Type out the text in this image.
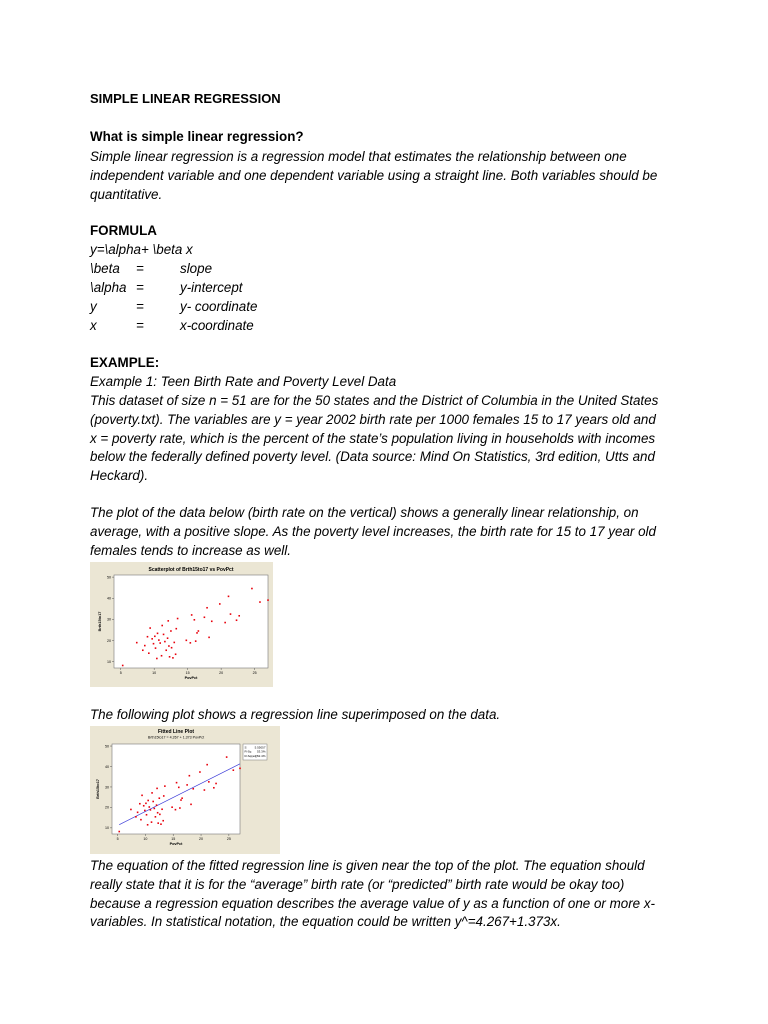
SIMPLE LINEAR REGRESSION
What is simple linear regression?
Simple linear regression is a regression model that estimates the relationship between one
independent variable and one dependent variable using a straight line. Both variables should be
quantitative.
FORMULA
y=\alpha+ \beta x
\beta =	slope
\alpha =	y-intercept
y	=	y- coordinate
x	=	x-coordinate
EXAMPLE:
Example 1: Teen Birth Rate and Poverty Level Data
This dataset of size n = 51 are for the 50 states and the District of Columbia in the United States
(poverty.txt). The variables are y = year 2002 birth rate per 1000 females 15 to 17 years old and
x = poverty rate, which is the percent of the state’s population living in households with incomes
below the federally defined poverty level. (Data source: Mind On Statistics, 3rd edition, Utts and
Heckard).
The plot of the data below (birth rate on the vertical) shows a generally linear relationship, on
average, with a positive slope. As the poverty level increases, the birth rate for 15 to 17 year old
females tends to increase as well.
Scatterplot of Brth15to17 vs PovPct
5	10	15	20	25
10
20
30
40
50
PovPct
Brth15to17
The following plot shows a regression line superimposed on the data.
Fitted Line Plot
Brth15to17 = 4.267 + 1.373 PovPct
5	10	15	20	25
10
20
30
40
50
PovPct
Brth15to17
S	5.55057
R-Sq 53.3%
R-Sq(adj) 52.4%
The equation of the fitted regression line is given near the top of the plot. The equation should
really state that it is for the “average” birth rate (or “predicted” birth rate would be okay too)
because a regression equation describes the average value of y as a function of one or more x-
variables. In statistical notation, the equation could be written y^=4.267+1.373x.
